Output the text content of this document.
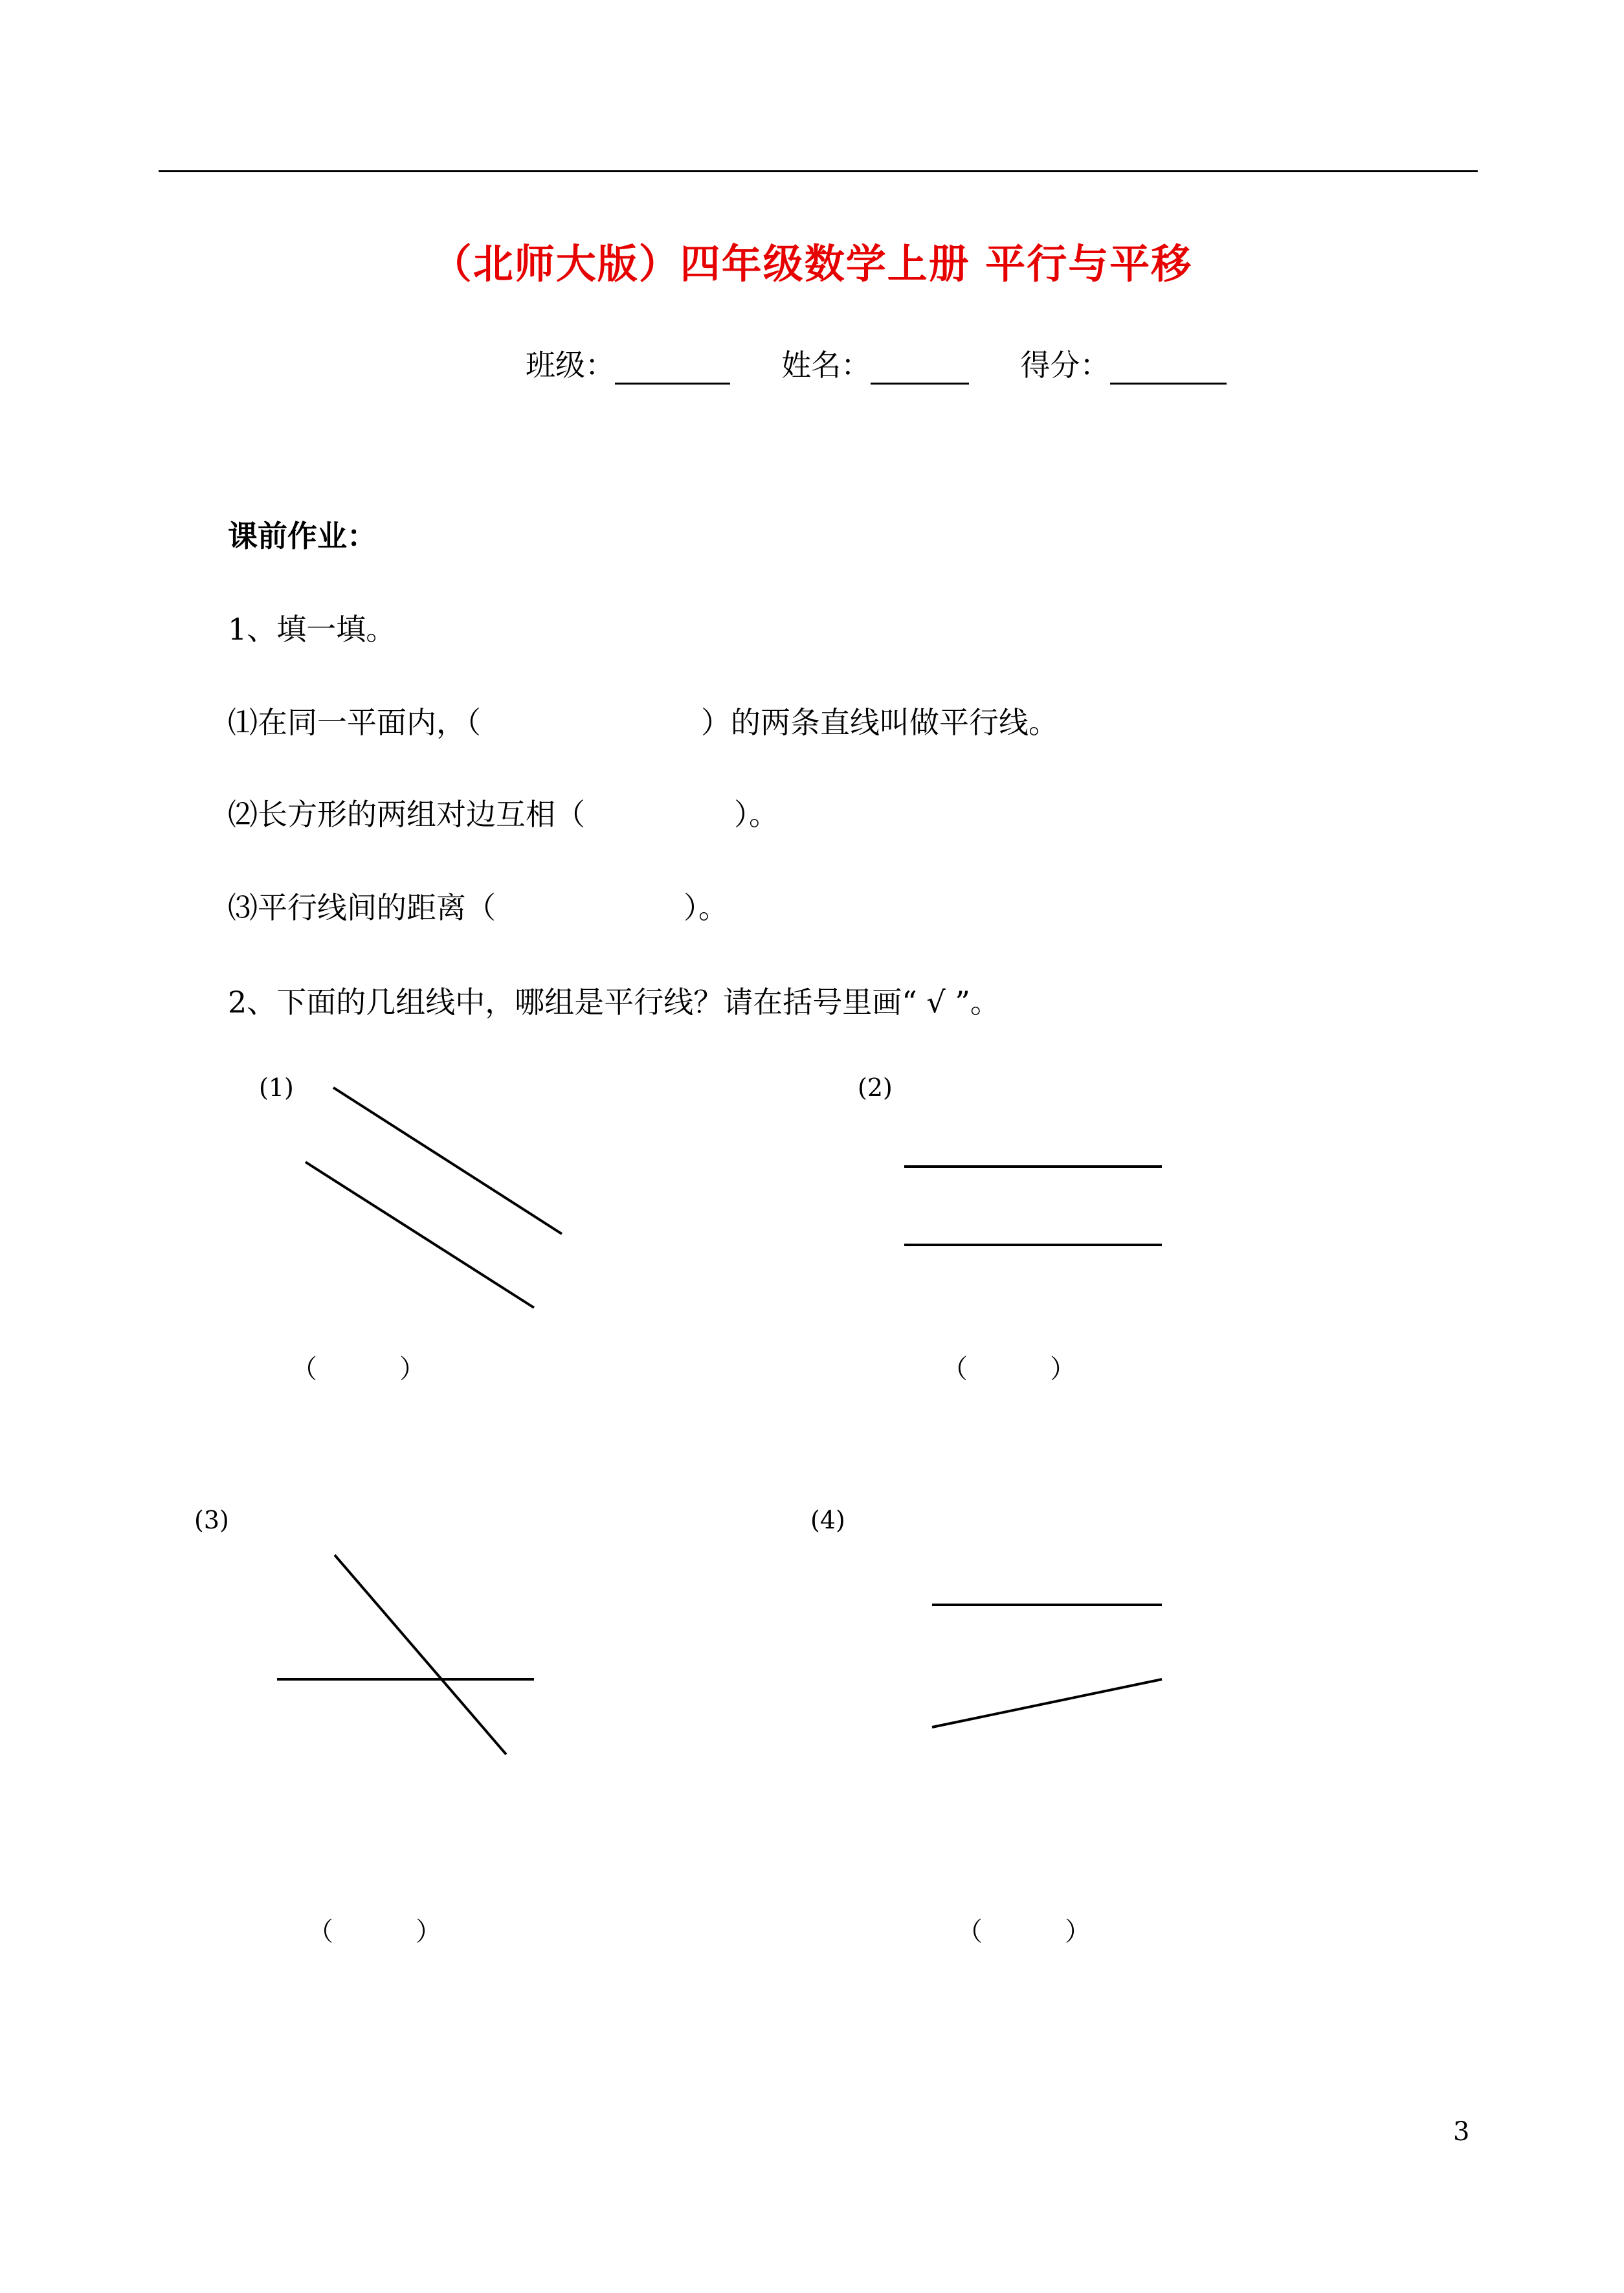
（北师大版）四年级数学上册 平行与平移
班级：	姓名：	得分：
课前作业：
1、填一填。
⑴在同一平面内，（	）的两条直线叫做平行线。
⑵长方形的两组对边互相（	）。
⑶平行线间的距离（	）。
2、下面的几组线中，哪组是平行线？请在括号里画“ √ ”。
(1)	(2)
(3)	(4)
（          ）	（          ）
（          ）	（          ）
3
